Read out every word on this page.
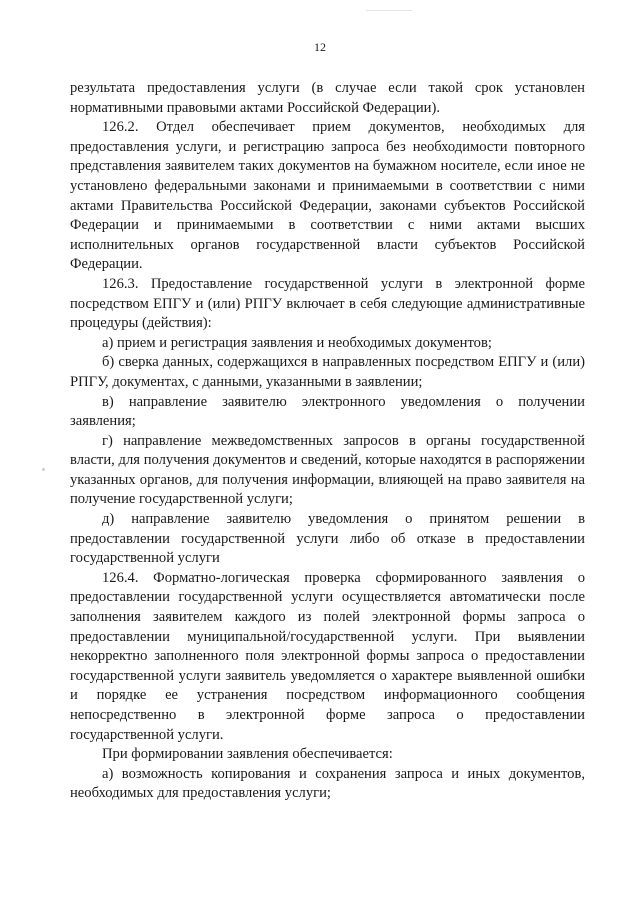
12

результата предоставления услуги (в случае если такой срок установлен нормативными правовыми актами Российской Федерации).

126.2. Отдел обеспечивает прием документов, необходимых для предоставления услуги, и регистрацию запроса без необходимости повторного представления заявителем таких документов на бумажном носителе, если иное не установлено федеральными законами и принимаемыми в соответствии с ними актами Правительства Российской Федерации, законами субъектов Российской Федерации и принимаемыми в соответствии с ними актами высших исполнительных органов государственной власти субъектов Российской Федерации.

126.3. Предоставление государственной услуги в электронной форме посредством ЕПГУ и (или) РПГУ включает в себя следующие административные процедуры (действия):

а) прием и регистрация заявления и необходимых документов;

б) сверка данных, содержащихся в направленных посредством ЕПГУ и (или) РПГУ, документах, с данными, указанными в заявлении;

в) направление заявителю электронного уведомления о получении заявления;

г) направление межведомственных запросов в органы государственной власти, для получения документов и сведений, которые находятся в распоряжении указанных органов, для получения информации, влияющей на право заявителя на получение государственной услуги;

д) направление заявителю уведомления о принятом решении в предоставлении государственной услуги либо об отказе в предоставлении государственной услуги

126.4. Форматно-логическая проверка сформированного заявления о предоставлении государственной услуги осуществляется автоматически после заполнения заявителем каждого из полей электронной формы запроса о предоставлении муниципальной/государственной услуги. При выявлении некорректно заполненного поля электронной формы запроса о предоставлении государственной услуги заявитель уведомляется о характере выявленной ошибки и порядке ее устранения посредством информационного сообщения непосредственно в электронной форме запроса о предоставлении государственной услуги.

При формировании заявления обеспечивается:

а) возможность копирования и сохранения запроса и иных документов, необходимых для предоставления услуги;
